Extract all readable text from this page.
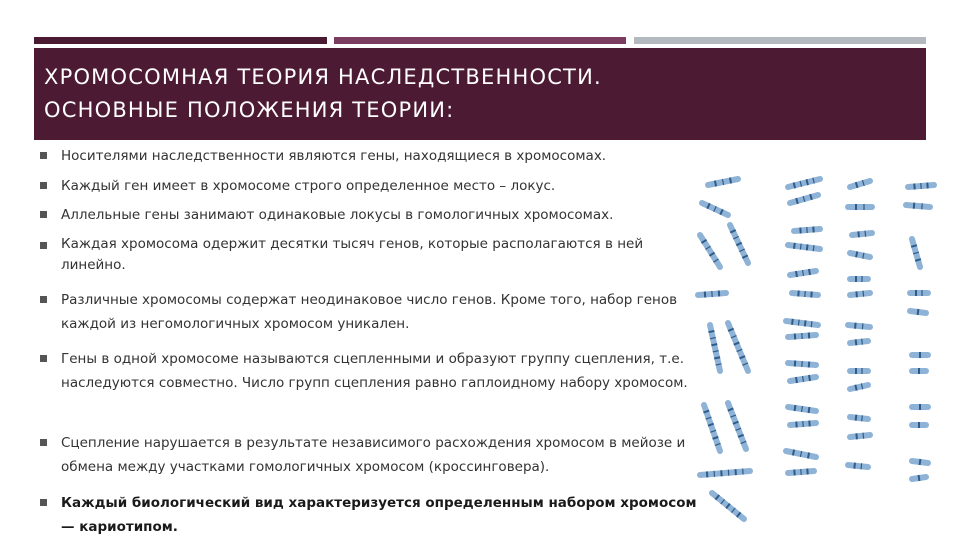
ХРОМОСОМНАЯ ТЕОРИЯ НАСЛЕДСТВЕННОСТИ.
ОСНОВНЫЕ ПОЛОЖЕНИЯ ТЕОРИИ:
Носителями наследственности являются гены, находящиеся в хромосомах.
Каждый ген имеет в хромосоме строго определенное место – локус.
Аллельные гены занимают одинаковые локусы в гомологичных хромосомах.
Каждая хромосома одержит десятки тысяч генов, которые располагаются в ней линейно.
Различные хромосомы содержат неодинаковое число генов. Кроме того, набор генов каждой из негомологичных хромосом уникален.
Гены в одной хромосоме называются сцепленными и образуют группу сцепления, т.е. наследуются совместно. Число групп сцепления равно гаплоидному набору хромосом.
Сцепление нарушается в результате независимого расхождения хромосом в мейозе и обмена между участками гомологичных хромосом (кроссинговера).
Каждый биологический вид характеризуется определенным набором хромосом — кариотипом.
